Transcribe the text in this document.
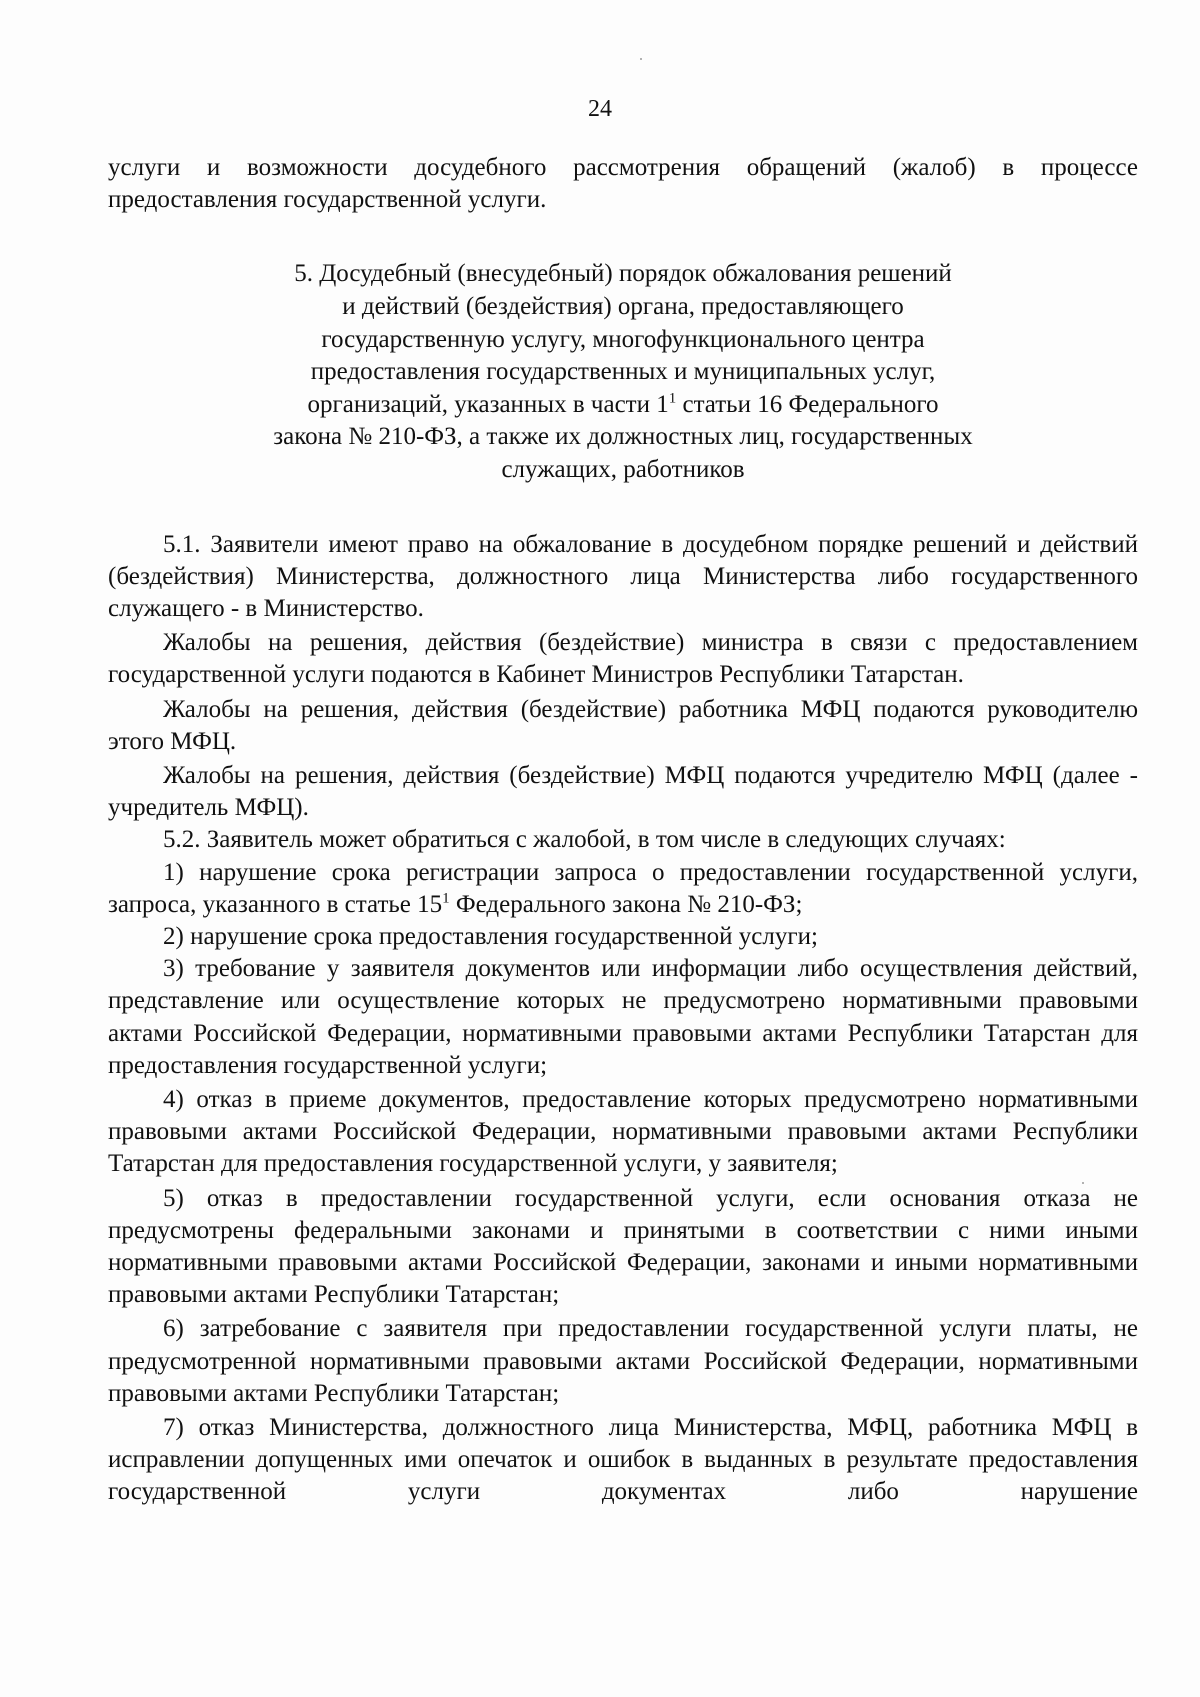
24

услуги и возможности досудебного рассмотрения обращений (жалоб) в процессе предоставления государственной услуги.

5. Досудебный (внесудебный) порядок обжалования решений

и действий (бездействия) органа, предоставляющего

государственную услугу, многофункционального центра

предоставления государственных и муниципальных услуг,

организаций, указанных в части $1^1$ статьи 16 Федерального

закона № 210-ФЗ, а также их должностных лиц, государственных

служащих, работников

5.1. Заявители имеют право на обжалование в досудебном порядке решений и действий (бездействия) Министерства, должностного лица Министерства либо государственного служащего - в Министерство.

Жалобы на решения, действия (бездействие) министра в связи с предоставлением государственной услуги подаются в Кабинет Министров Республики Татарстан.

Жалобы на решения, действия (бездействие) работника МФЦ подаются руководителю этого МФЦ.

Жалобы на решения, действия (бездействие) МФЦ подаются учредителю МФЦ (далее - учредитель МФЦ).

5.2. Заявитель может обратиться с жалобой, в том числе в следующих случаях:

1) нарушение срока регистрации запроса о предоставлении государственной услуги, запроса, указанного в статье $15^1$ Федерального закона № 210-ФЗ;

2) нарушение срока предоставления государственной услуги;

3) требование у заявителя документов или информации либо осуществления действий, представление или осуществление которых не предусмотрено нормативными правовыми актами Российской Федерации, нормативными правовыми актами Республики Татарстан для предоставления государственной услуги;

4) отказ в приеме документов, предоставление которых предусмотрено нормативными правовыми актами Российской Федерации, нормативными правовыми актами Республики Татарстан для предоставления государственной услуги, у заявителя;

5) отказ в предоставлении государственной услуги, если основания отказа не предусмотрены федеральными законами и принятыми в соответствии с ними иными нормативными правовыми актами Российской Федерации, законами и иными нормативными правовыми актами Республики Татарстан;

6) затребование с заявителя при предоставлении государственной услуги платы, не предусмотренной нормативными правовыми актами Российской Федерации, нормативными правовыми актами Республики Татарстан;

7) отказ Министерства, должностного лица Министерства, МФЦ, работника МФЦ в исправлении допущенных ими опечаток и ошибок в выданных в результате предоставления государственной услуги документах либо нарушение
